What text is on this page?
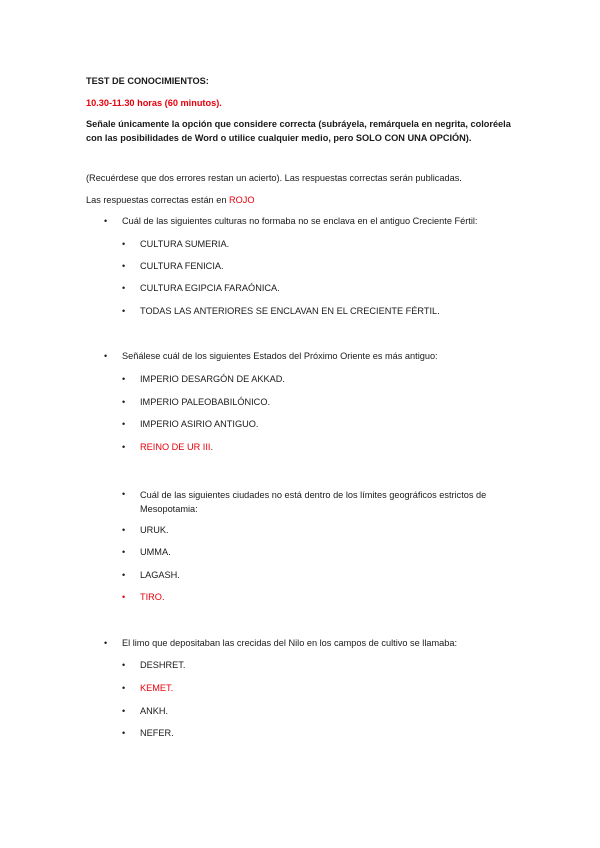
TEST DE CONOCIMIENTOS:
10.30-11.30 horas (60 minutos).
Señale únicamente la opción que considere correcta (subráyela, remárquela en negrita, coloréela con las posibilidades de Word o utilice cualquier medio, pero SOLO CON UNA OPCIÓN).
(Recuérdese que dos errores restan un acierto). Las respuestas correctas serán publicadas.
Las respuestas correctas están en ROJO
• Cuál de las siguientes culturas no formaba no se enclava en el antiguo Creciente Fértil:
• CULTURA SUMERIA.
• CULTURA FENICIA.
• CULTURA EGIPCIA FARAÓNICA.
• TODAS LAS ANTERIORES SE ENCLAVAN EN EL CRECIENTE FÉRTIL.
• Señálese cuál de los siguientes Estados del Próximo Oriente es más antiguo:
• IMPERIO DESARGÓN DE AKKAD.
• IMPERIO PALEOBABILÓNICO.
• IMPERIO ASIRIO ANTIGUO.
• REINO DE UR III.
• Cuál de las siguientes ciudades no está dentro de los límites geográficos estrictos de Mesopotamia:
• URUK.
• UMMA.
• LAGASH.
• TIRO.
• El limo que depositaban las crecidas del Nilo en los campos de cultivo se llamaba:
• DESHRET.
• KEMET.
• ANKH.
• NEFER.
